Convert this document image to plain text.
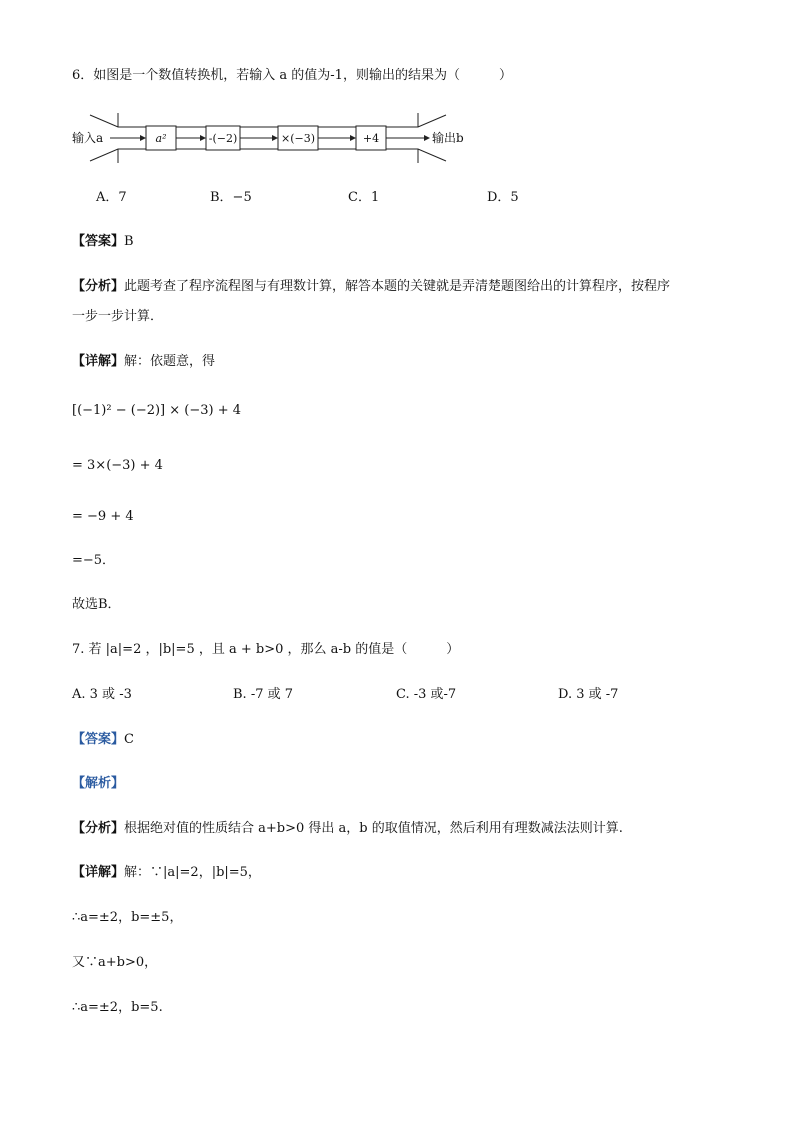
6．如图是一个数值转换机，若输入 a 的值为-1，则输出的结果为（　　　）
输入a	a²	-(−2)	×(−3)	+4	输出b
A．7	B．−5	C．1	D．5
【答案】B
【分析】此题考查了程序流程图与有理数计算，解答本题的关键就是弄清楚题图给出的计算程序，按程序
一步一步计算．
【详解】解：依题意，得
[(−1)² − (−2)] × (−3) + 4
= 3×(−3) + 4
= −9 + 4
=−5．
故选B．
7. 若 |a|=2 ，|b|=5 ，且 a + b>0 ，那么 a-b 的值是（　　　）
A. 3 或 -3	B. -7 或 7	C. -3 或-7	D. 3 或 -7
【答案】C
【解析】
【分析】根据绝对值的性质结合 a+b>0 得出 a，b 的取值情况，然后利用有理数减法法则计算.
【详解】解：∵|a|=2，|b|=5，
∴a=±2，b=±5，
又∵a+b>0，
∴a=±2，b=5.
